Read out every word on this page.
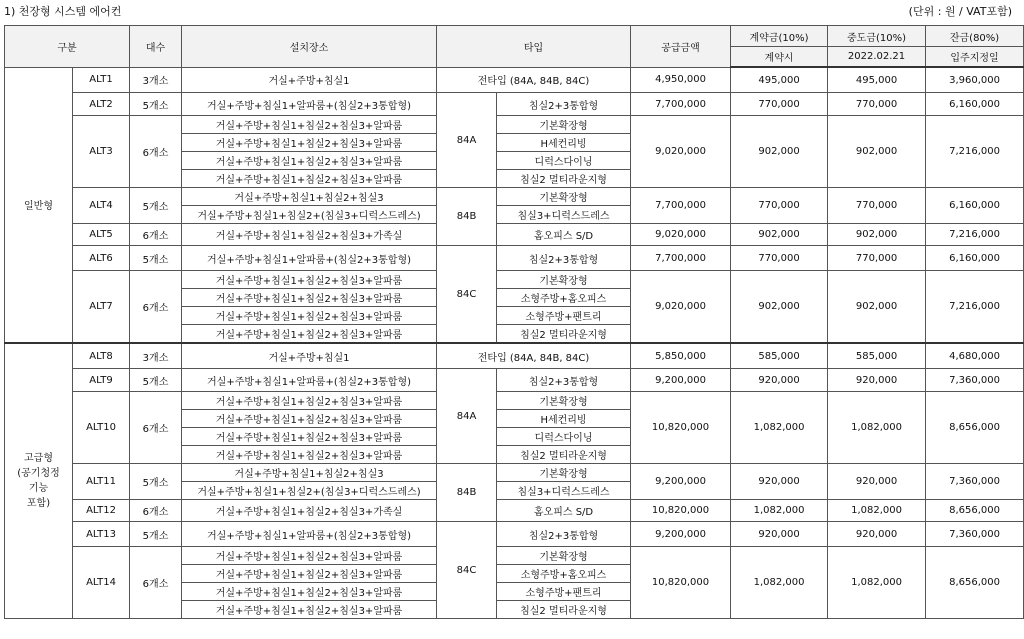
1) 천장형 시스템 에어컨	(단위 : 원 / VAT포함)
구분		대수	설치장소	타입		공급금액	계약금(10%)	중도금(10%)	잔금(80%)
							계약시	2022.02.21	입주지정일
일반형	ALT1	3개소	거실+주방+침실1	전타입 (84A, 84B, 84C)		4,950,000	495,000	495,000	3,960,000
	ALT2	5개소	거실+주방+침실1+알파룸+(침실2+3통합형)	84A	침실2+3통합형	7,700,000	770,000	770,000	6,160,000
	ALT3	6개소	거실+주방+침실1+침실2+침실3+알파룸		기본확장형	9,020,000	902,000	902,000	7,216,000
			거실+주방+침실1+침실2+침실3+알파룸		H세컨리빙				
			거실+주방+침실1+침실2+침실3+알파룸		디럭스다이닝				
			거실+주방+침실1+침실2+침실3+알파룸		침실2 멀티라운지형				
	ALT4	5개소	거실+주방+침실1+침실2+침실3	84B	기본확장형	7,700,000	770,000	770,000	6,160,000
			거실+주방+침실1+침실2+(침실3+디럭스드레스)		침실3+디럭스드레스				
	ALT5	6개소	거실+주방+침실1+침실2+침실3+가족실		홈오피스 S/D	9,020,000	902,000	902,000	7,216,000
	ALT6	5개소	거실+주방+침실1+알파룸+(침실2+3통합형)	84C	침실2+3통합형	7,700,000	770,000	770,000	6,160,000
	ALT7	6개소	거실+주방+침실1+침실2+침실3+알파룸		기본확장형	9,020,000	902,000	902,000	7,216,000
			거실+주방+침실1+침실2+침실3+알파룸		소형주방+홈오피스				
			거실+주방+침실1+침실2+침실3+알파룸		소형주방+팬트리				
			거실+주방+침실1+침실2+침실3+알파룸		침실2 멀티라운지형				
고급형
(공기청정
기능
포함)	ALT8	3개소	거실+주방+침실1	전타입 (84A, 84B, 84C)		5,850,000	585,000	585,000	4,680,000
	ALT9	5개소	거실+주방+침실1+알파룸+(침실2+3통합형)	84A	침실2+3통합형	9,200,000	920,000	920,000	7,360,000
	ALT10	6개소	거실+주방+침실1+침실2+침실3+알파룸		기본확장형	10,820,000	1,082,000	1,082,000	8,656,000
			거실+주방+침실1+침실2+침실3+알파룸		H세컨리빙				
			거실+주방+침실1+침실2+침실3+알파룸		디럭스다이닝				
			거실+주방+침실1+침실2+침실3+알파룸		침실2 멀티라운지형				
	ALT11	5개소	거실+주방+침실1+침실2+침실3	84B	기본확장형	9,200,000	920,000	920,000	7,360,000
			거실+주방+침실1+침실2+(침실3+디럭스드레스)		침실3+디럭스드레스				
	ALT12	6개소	거실+주방+침실1+침실2+침실3+가족실		홈오피스 S/D	10,820,000	1,082,000	1,082,000	8,656,000
	ALT13	5개소	거실+주방+침실1+알파룸+(침실2+3통합형)	84C	침실2+3통합형	9,200,000	920,000	920,000	7,360,000
	ALT14	6개소	거실+주방+침실1+침실2+침실3+알파룸		기본확장형	10,820,000	1,082,000	1,082,000	8,656,000
			거실+주방+침실1+침실2+침실3+알파룸		소형주방+홈오피스				
			거실+주방+침실1+침실2+침실3+알파룸		소형주방+팬트리				
			거실+주방+침실1+침실2+침실3+알파룸		침실2 멀티라운지형				
